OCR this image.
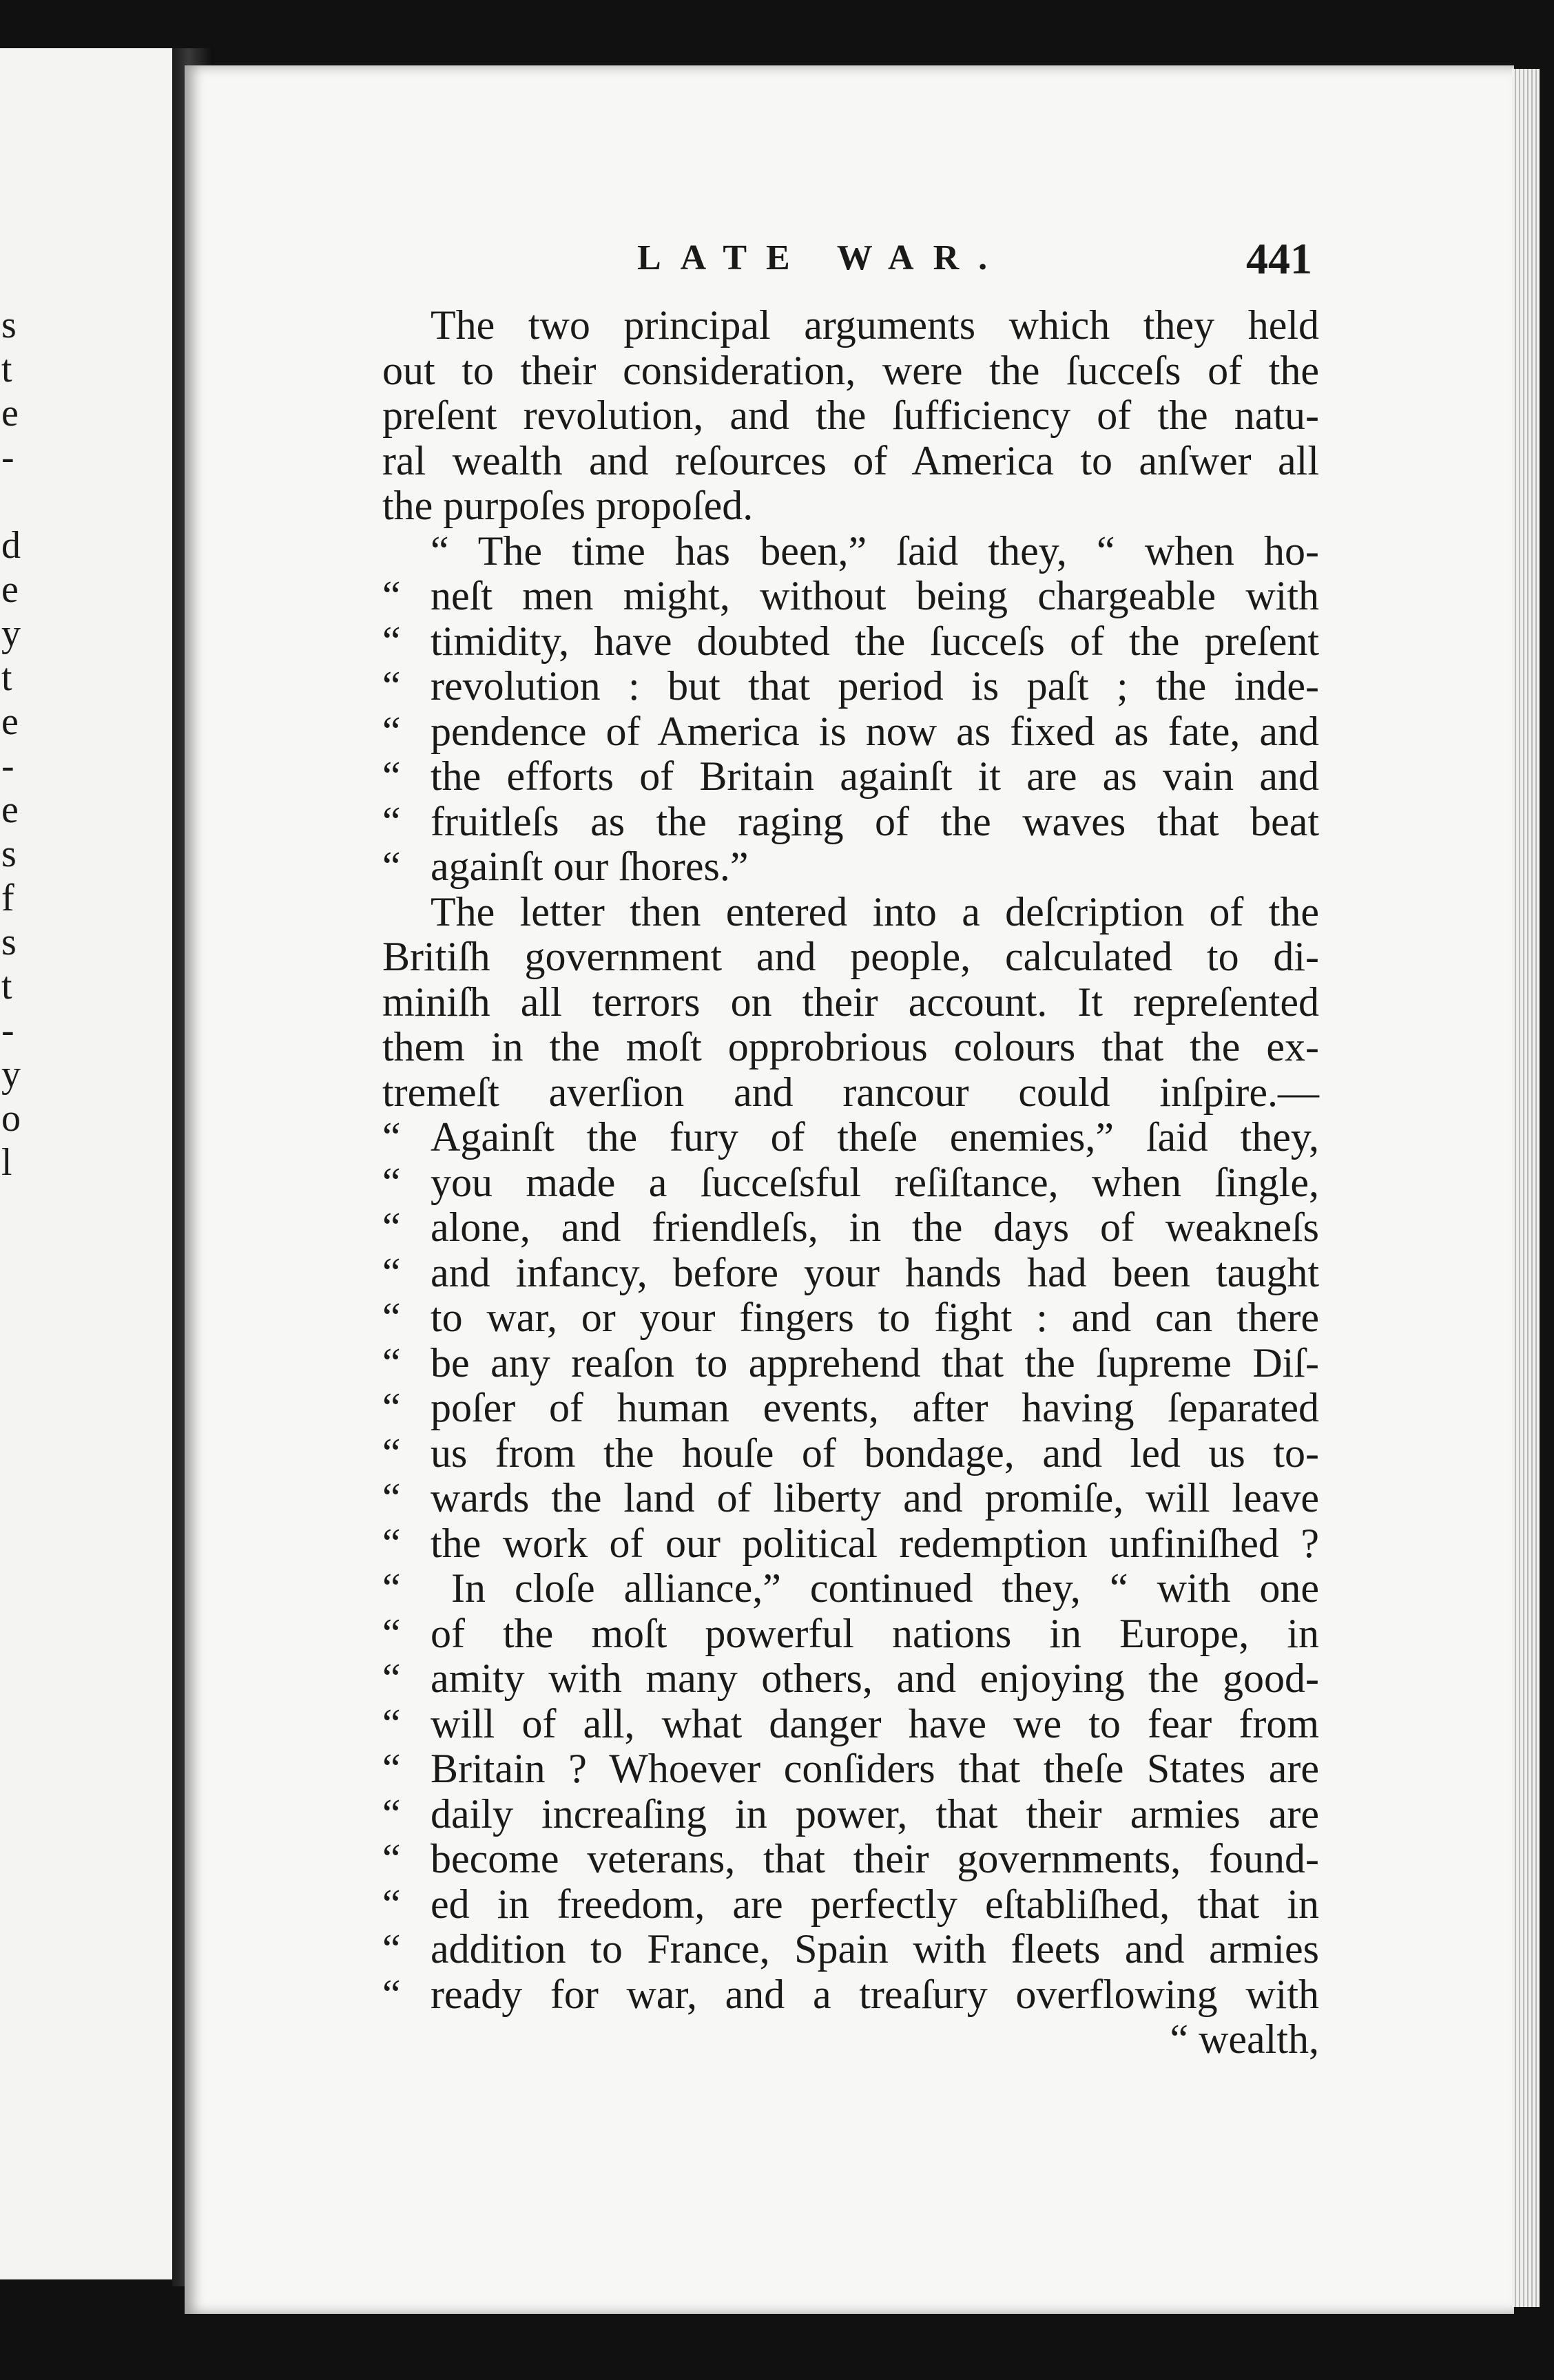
s
t
e
-
d
e
y
t
e
-
e
s
f
s
t
-
y
o
l
LATE WAR.	441
The two principal arguments which they held
out to their consideration, were the ſucceſs of the
preſent revolution, and the ſufficiency of the natu-
ral wealth and reſources of America to anſwer all
the purpoſes propoſed.
“ The time has been,” ſaid they, “ when ho-
“ neſt men might, without being chargeable with
“ timidity, have doubted the ſucceſs of the preſent
“ revolution : but that period is paſt ; the inde-
“ pendence of America is now as fixed as fate, and
“ the efforts of Britain againſt it are as vain and
“ fruitleſs as the raging of the waves that beat
“ againſt our ſhores.”
The letter then entered into a deſcription of the
Britiſh government and people, calculated to di-
miniſh all terrors on their account. It repreſented
them in the moſt opprobrious colours that the ex-
tremeſt averſion and rancour could inſpire.—
“ Againſt the fury of theſe enemies,” ſaid they,
“ you made a ſucceſsful reſiſtance, when ſingle,
“ alone, and friendleſs, in the days of weakneſs
“ and infancy, before your hands had been taught
“ to war, or your fingers to fight : and can there
“ be any reaſon to apprehend that the ſupreme Diſ-
“ poſer of human events, after having ſeparated
“ us from the houſe of bondage, and led us to-
“ wards the land of liberty and promiſe, will leave
“ the work of our political redemption unfiniſhed ?
“	In cloſe alliance,” continued they, “ with one
“ of the moſt powerful nations in Europe, in
“ amity with many others, and enjoying the good-
“ will of all, what danger have we to fear from
“ Britain ? Whoever conſiders that theſe States are
“ daily increaſing in power, that their armies are
“ become veterans, that their governments, found-
“ ed in freedom, are perfectly eſtabliſhed, that in
“ addition to France, Spain with fleets and armies
“ ready for war, and a treaſury overflowing with
“ wealth,
